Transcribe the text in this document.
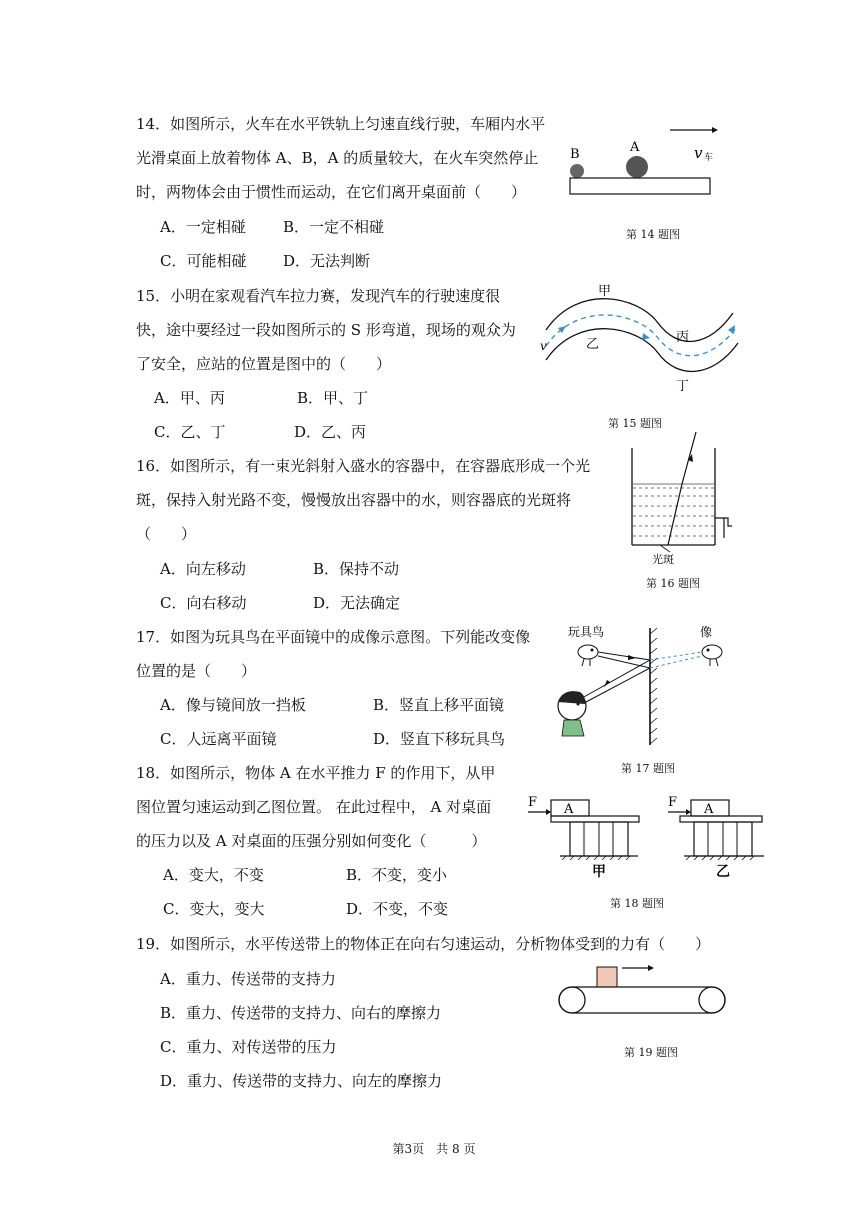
14．如图所示，火车在水平铁轨上匀速直线行驶，车厢内水平
光滑桌面上放着物体 A、B，A 的质量较大，在火车突然停止
时，两物体会由于惯性而运动，在它们离开桌面前（　　）
A．一定相碰 B．一定不相碰
C．可能相碰 D．无法判断
v 车
B	A
第 14 题图
15．小明在家观看汽车拉力赛，发现汽车的行驶速度很
快，途中要经过一段如图所示的 S 形弯道，现场的观众为
了安全，应站的位置是图中的（　　）
A．甲、丙	B．甲、丁
C．乙、丁	D．乙、丙
v
甲
乙	丙
丁
第 15 题图
16．如图所示，有一束光斜射入盛水的容器中，在容器底形成一个光
斑，保持入射光路不变，慢慢放出容器中的水，则容器底的光斑将
（　　）
A．向左移动	B．保持不动
C．向右移动	D．无法确定
光斑
第 16 题图
17．如图为玩具鸟在平面镜中的成像示意图。下列能改变像
位置的是（　　）
A．像与镜间放一挡板	B．竖直上移平面镜
C．人远离平面镜	D．竖直下移玩具鸟
玩具鸟	像
第 17 题图
18．如图所示，物体 A 在水平推力 F 的作用下，从甲
图位置匀速运动到乙图位置。 在此过程中， A 对桌面
的压力以及 A 对桌面的压强分别如何变化（　　　）
A．变大，不变	B．不变，变小
C．变大，变大	D．不变，不变
F A
甲
F A
乙
第 18 题图
19．如图所示，水平传送带上的物体正在向右匀速运动，分析物体受到的力有（　　）
A．重力、传送带的支持力
B．重力、传送带的支持力、向右的摩擦力
C．重力、对传送带的压力
D．重力、传送带的支持力、向左的摩擦力
第 19 题图
第3页　共 8 页
